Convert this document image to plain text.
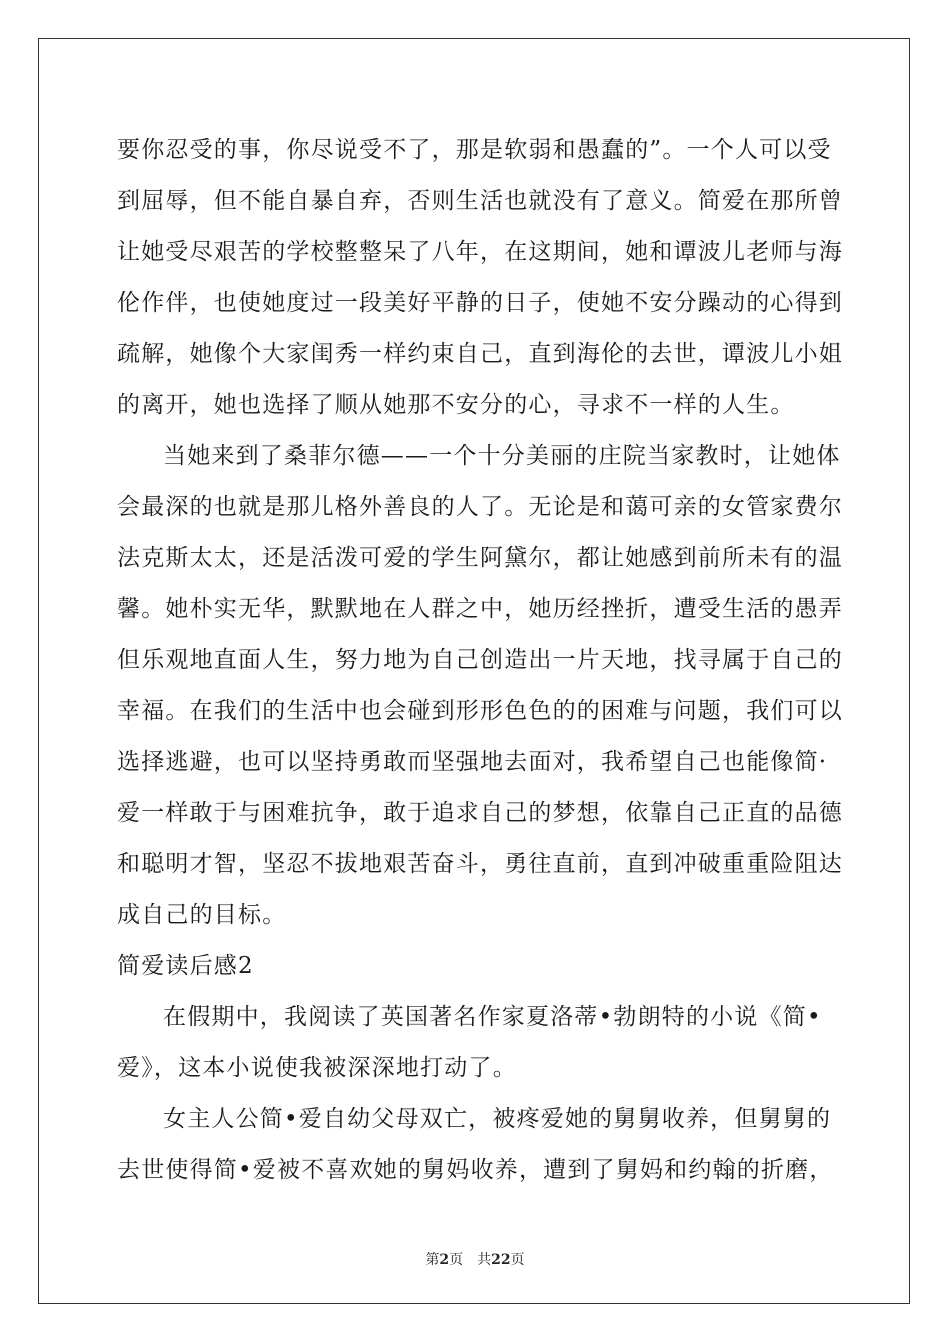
要你忍受的事，你尽说受不了，那是软弱和愚蠢的”。一个人可以受
到屈辱，但不能自暴自弃，否则生活也就没有了意义。简爱在那所曾
让她受尽艰苦的学校整整呆了八年，在这期间，她和谭波儿老师与海
伦作伴，也使她度过一段美好平静的日子，使她不安分躁动的心得到
疏解，她像个大家闺秀一样约束自己，直到海伦的去世，谭波儿小姐
的离开，她也选择了顺从她那不安分的心，寻求不一样的人生。
当她来到了桑菲尔德——一个十分美丽的庄院当家教时，让她体
会最深的也就是那儿格外善良的人了。无论是和蔼可亲的女管家费尔
法克斯太太，还是活泼可爱的学生阿黛尔，都让她感到前所未有的温
馨。她朴实无华，默默地在人群之中，她历经挫折，遭受生活的愚弄
但乐观地直面人生，努力地为自己创造出一片天地，找寻属于自己的
幸福。在我们的生活中也会碰到形形色色的的困难与问题，我们可以
选择逃避，也可以坚持勇敢而坚强地去面对，我希望自己也能像简·
爱一样敢于与困难抗争，敢于追求自己的梦想，依靠自己正直的品德
和聪明才智，坚忍不拔地艰苦奋斗，勇往直前，直到冲破重重险阻达
成自己的目标。
简爱读后感2
在假期中，我阅读了英国著名作家夏洛蒂•勃朗特的小说《简•
爱》，这本小说使我被深深地打动了。
女主人公简•爱自幼父母双亡，被疼爱她的舅舅收养，但舅舅的
去世使得简•爱被不喜欢她的舅妈收养，遭到了舅妈和约翰的折磨，
第2页 共22页
